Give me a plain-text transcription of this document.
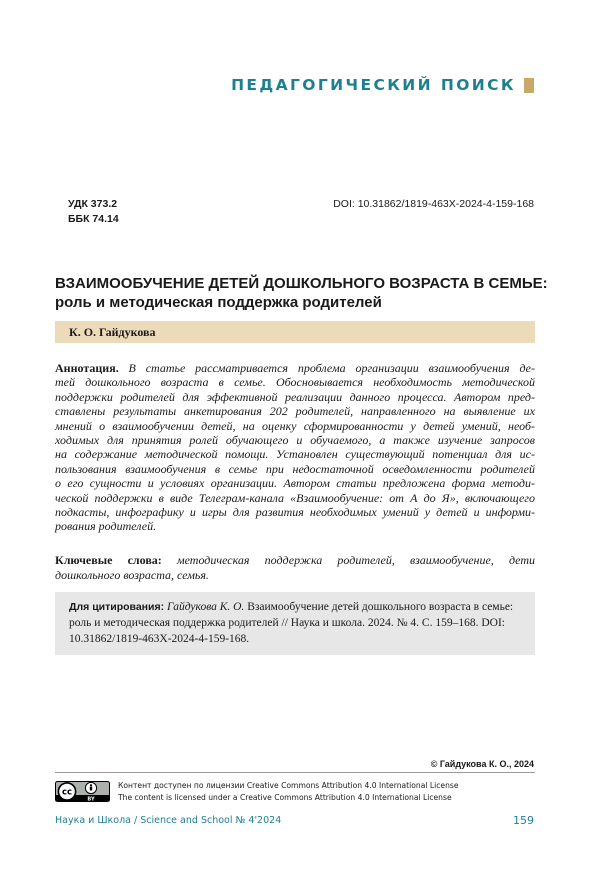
ПЕДАГОГИЧЕСКИЙ ПОИСК
УДК 373.2
ББК 74.14
DOI: 10.31862/1819-463X-2024-4-159-168
ВЗАИМООБУЧЕНИЕ ДЕТЕЙ ДОШКОЛЬНОГО ВОЗРАСТА В СЕМЬЕ:
роль и методическая поддержка родителей
К. О. Гайдукова
Аннотация. В статье рассматривается проблема организации взаимообучения де-
тей дошкольного возраста в семье. Обосновывается необходимость методической
поддержки родителей для эффективной реализации данного процесса. Автором пред-
ставлены результаты анкетирования 202 родителей, направленного на выявление их
мнений о взаимообучении детей, на оценку сформированности у детей умений, необ-
ходимых для принятия ролей обучающего и обучаемого, а также изучение запросов
на содержание методической помощи. Установлен существующий потенциал для ис-
пользования взаимообучения в семье при недостаточной осведомленности родителей
о его сущности и условиях организации. Автором статьи предложена форма методи-
ческой поддержки в виде Телеграм-канала «Взаимообучение: от А до Я», включающего
подкасты, инфографику и игры для развития необходимых умений у детей и информи-
рования родителей.
Ключевые слова: методическая поддержка родителей, взаимообучение, дети
дошкольного возраста, семья.
Для цитирования: Гайдукова К. О. Взаимообучение детей дошкольного возраста в семье:
роль и методическая поддержка родителей // Наука и школа. 2024. № 4. С. 159–168. DOI:
10.31862/1819-463X-2024-4-159-168.
© Гайдукова К. О., 2024
cc
BY
Контент доступен по лицензии Creative Commons Attribution 4.0 International License
The content is licensed under a Creative Commons Attribution 4.0 International License
Наука и Школа / Science and School № 4'2024	159
